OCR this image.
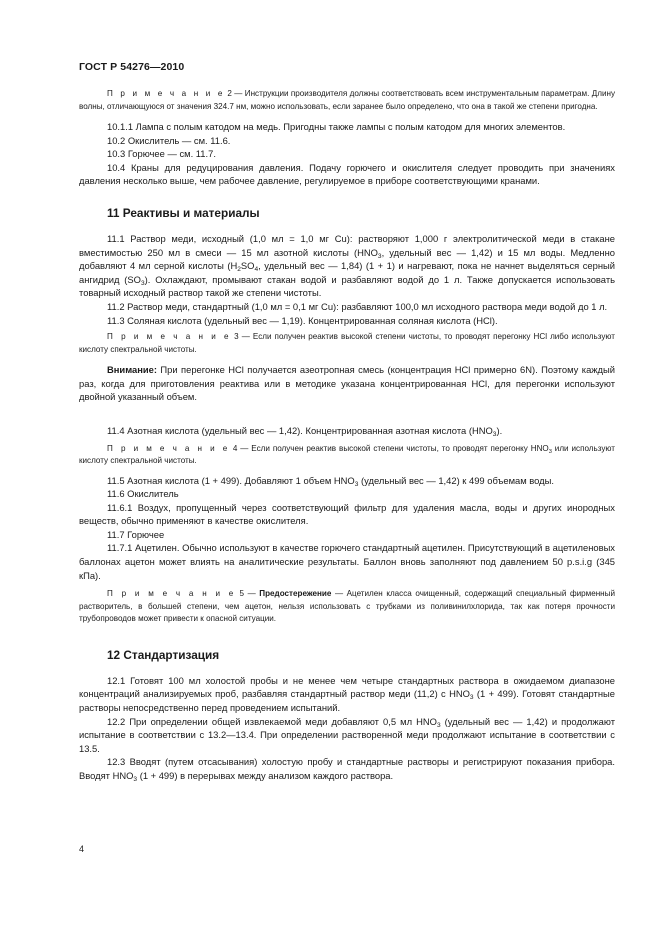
ГОСТ Р 54276—2010

П р и м е ч а н и е 2 — Инструкции производителя должны соответствовать всем инструментальным параметрам. Длину волны, отличающуюся от значения 324.7 нм, можно использовать, если заранее было определено, что она в такой же степени пригодна.

10.1.1 Лампа с полым катодом на медь. Пригодны также лампы с полым катодом для многих элементов.

10.2 Окислитель — см. 11.6.

10.3 Горючее — см. 11.7.

10.4 Краны для редуцирования давления. Подачу горючего и окислителя следует проводить при значениях давления несколько выше, чем рабочее давление, регулируемое в приборе соответствующими кранами.

11 Реактивы и материалы

11.1 Раствор меди, исходный (1,0 мл = 1,0 мг Cu): растворяют 1,000 г электролитической меди в стакане вместимостью 250 мл в смеси — 15 мл азотной кислоты ($HNO_3$, удельный вес — 1,42) и 15 мл воды. Медленно добавляют 4 мл серной кислоты ($H_2SO_4$, удельный вес — 1,84) (1 + 1) и нагревают, пока не начнет выделяться серный ангидрид $(SO_3)$. Охлаждают, промывают стакан водой и разбавляют водой до 1 л. Также допускается использовать товарный исходный раствор такой же степени чистоты.

11.2 Раствор меди, стандартный (1,0 мл = 0,1 мг Cu): разбавляют 100,0 мл исходного раствора меди водой до 1 л.

11.3 Соляная кислота (удельный вес — 1,19). Концентрированная соляная кислота (HCl).

П р и м е ч а н и е 3 — Если получен реактив высокой степени чистоты, то проводят перегонку HCl либо используют кислоту спектральной чистоты.

Внимание: При перегонке HCl получается азеотропная смесь (концентрация HCl примерно 6N). Поэтому каждый раз, когда для приготовления реактива или в методике указана концентрированная HCl, для перегонки используют двойной указанный объем.

11.4 Азотная кислота (удельный вес — 1,42). Концентрированная азотная кислота $(HNO_3)$.

П р и м е ч а н и е 4 — Если получен реактив высокой степени чистоты, то проводят перегонку $HNO_3$ или используют кислоту спектральной чистоты.

11.5 Азотная кислота (1 + 499). Добавляют 1 объем $HNO_3$ (удельный вес — 1,42) к 499 объемам воды.

11.6 Окислитель

11.6.1 Воздух, пропущенный через соответствующий фильтр для удаления масла, воды и других инородных веществ, обычно применяют в качестве окислителя.

11.7 Горючее

11.7.1 Ацетилен. Обычно используют в качестве горючего стандартный ацетилен. Присутствующий в ацетиленовых баллонах ацетон может влиять на аналитические результаты. Баллон вновь заполняют под давлением 50 p.s.i.g (345 кПа).

П р и м е ч а н и е 5 — Предостережение — Ацетилен класса очищенный, содержащий специальный фирменный растворитель, в большей степени, чем ацетон, нельзя использовать с трубками из поливинилхлорида, так как потеря прочности трубопроводов может привести к опасной ситуации.

12 Стандартизация

12.1 Готовят 100 мл холостой пробы и не менее чем четыре стандартных раствора в ожидаемом диапазоне концентраций анализируемых проб, разбавляя стандартный раствор меди (11,2) с $HNO_3$ (1 + 499). Готовят стандартные растворы непосредственно перед проведением испытаний.

12.2 При определении общей извлекаемой меди добавляют 0,5 мл $HNO_3$ (удельный вес — 1,42) и продолжают испытание в соответствии с 13.2—13.4. При определении растворенной меди продолжают испытание в соответствии с 13.5.

12.3 Вводят (путем отсасывания) холостую пробу и стандартные растворы и регистрируют показания прибора. Вводят $HNO_3$ (1 + 499) в перерывах между анализом каждого раствора.

4
